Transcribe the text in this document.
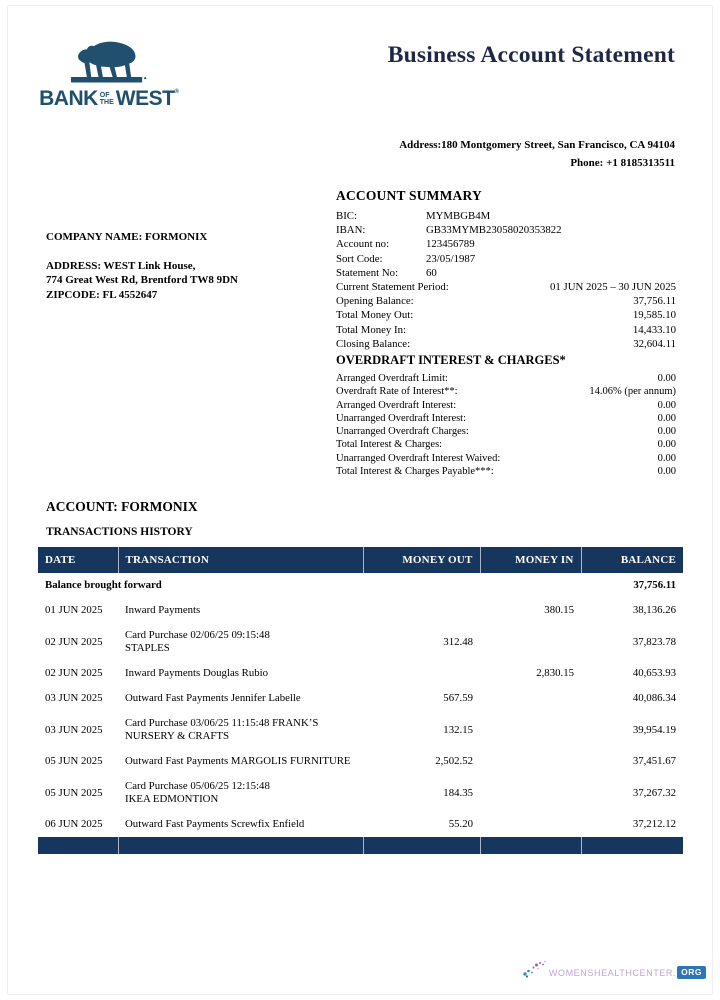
BANK OF
THE WEST ®
Business Account Statement
Address:180 Montgomery Street, San Francisco, CA 94104
Phone: +1 8185313511
ACCOUNT SUMMARY
BIC:	MYMBGB4M
IBAN:	GB33MYMB23058020353822
Account no:	123456789
Sort Code:	23/05/1987
Statement No:	60
Current Statement Period:	01 JUN 2025 – 30 JUN 2025
Opening Balance:	37,756.11
Total Money Out:	19,585.10
Total Money In:	14,433.10
Closing Balance:	32,604.11
COMPANY NAME: FORMONIX
ADDRESS: WEST Link House,
774 Great West Rd, Brentford TW8 9DN
ZIPCODE: FL 4552647
OVERDRAFT INTEREST & CHARGES*
Arranged Overdraft Limit:	0.00
Overdraft Rate of Interest**:	14.06% (per annum)
Arranged Overdraft Interest:	0.00
Unarranged Overdraft Interest:	0.00
Unarranged Overdraft Charges:	0.00
Total Interest & Charges:	0.00
Unarranged Overdraft Interest Waived:	0.00
Total Interest & Charges Payable***:	0.00
ACCOUNT: FORMONIX
TRANSACTIONS HISTORY
DATE	TRANSACTION	MONEY OUT	MONEY IN	BALANCE
Balance brought forward				37,756.11
01 JUN 2025	Inward Payments		380.15	38,136.26
02 JUN 2025	Card Purchase 02/06/25 09:15:48
STAPLES	312.48		37,823.78
02 JUN 2025	Inward Payments Douglas Rubio		2,830.15	40,653.93
03 JUN 2025	Outward Fast Payments Jennifer Labelle	567.59		40,086.34
03 JUN 2025	Card Purchase 03/06/25 11:15:48 FRANK’S
NURSERY & CRAFTS	132.15		39,954.19
05 JUN 2025	Outward Fast Payments MARGOLIS FURNITURE	2,502.52		37,451.67
05 JUN 2025	Card Purchase 05/06/25 12:15:48
IKEA EDMONTION	184.35		37,267.32
06 JUN 2025	Outward Fast Payments Screwfix Enfield	55.20		37,212.12

WOMENSHEALTHCENTER. ORG
